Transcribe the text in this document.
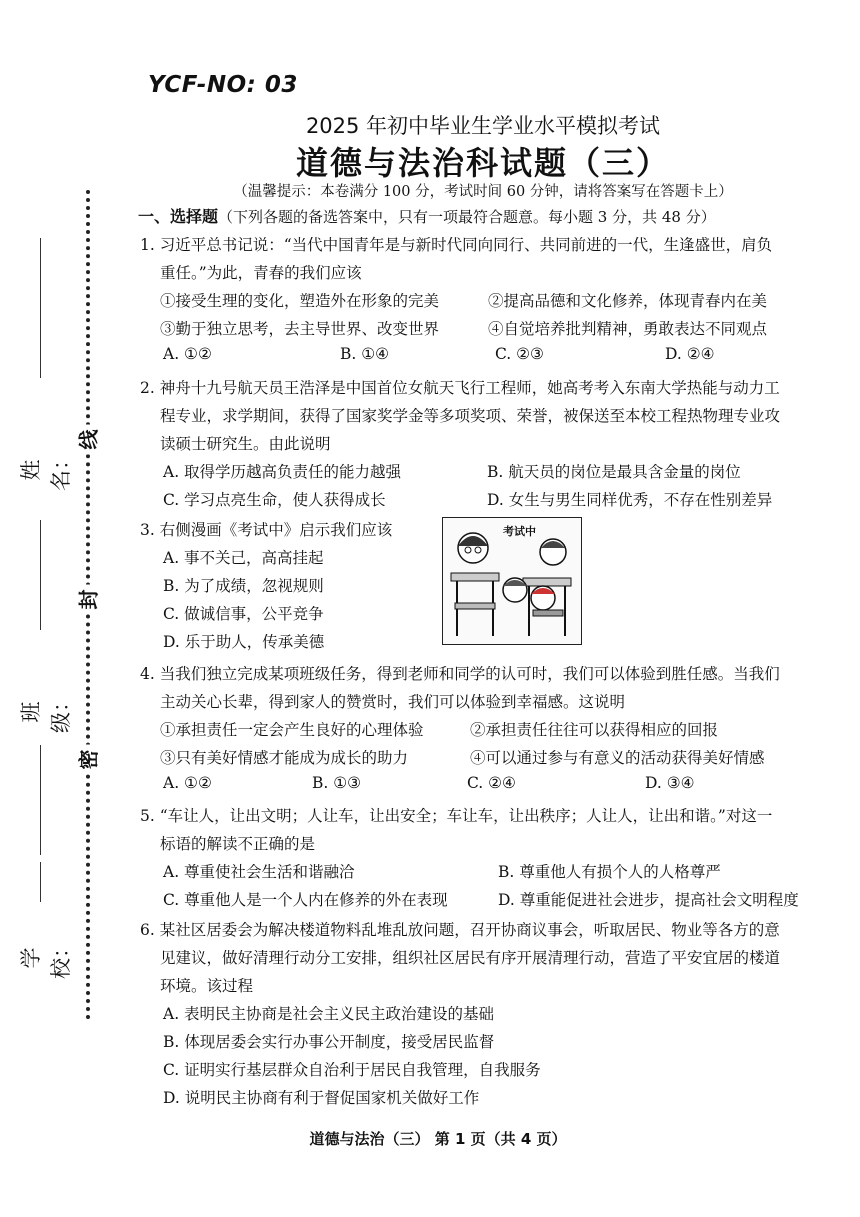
线
封
密
姓名：
班级：
学校：
YCF-NO: 03
2025 年初中毕业生学业水平模拟考试
道德与法治科试题（三）
（温馨提示：本卷满分 100 分，考试时间 60 分钟，请将答案写在答题卡上）
一、选择题（下列各题的备选答案中，只有一项最符合题意。每小题 3 分，共 48 分）
1. 习近平总书记说：“当代中国青年是与新时代同向同行、共同前进的一代，生逢盛世，肩负
重任。”为此，青春的我们应该
①接受生理的变化，塑造外在形象的完美	②提高品德和文化修养，体现青春内在美
③勤于独立思考，去主导世界、改变世界	④自觉培养批判精神，勇敢表达不同观点
A. ①②	B. ①④	C. ②③	D. ②④
2. 神舟十九号航天员王浩泽是中国首位女航天飞行工程师，她高考考入东南大学热能与动力工
程专业，求学期间，获得了国家奖学金等多项奖项、荣誉，被保送至本校工程热物理专业攻
读硕士研究生。由此说明
A. 取得学历越高负责任的能力越强	B. 航天员的岗位是最具含金量的岗位
C. 学习点亮生命，使人获得成长	D. 女生与男生同样优秀，不存在性别差异
3. 右侧漫画《考试中》启示我们应该
A. 事不关己，高高挂起
B. 为了成绩，忽视规则
C. 做诚信事，公平竞争
D. 乐于助人，传承美德
考试中
4. 当我们独立完成某项班级任务，得到老师和同学的认可时，我们可以体验到胜任感。当我们
主动关心长辈，得到家人的赞赏时，我们可以体验到幸福感。这说明
①承担责任一定会产生良好的心理体验	②承担责任往往可以获得相应的回报
③只有美好情感才能成为成长的助力	④可以通过参与有意义的活动获得美好情感
A. ①②	B. ①③	C. ②④	D. ③④
5. “车让人，让出文明；人让车，让出安全；车让车，让出秩序；人让人，让出和谐。”对这一
标语的解读不正确的是
A. 尊重使社会生活和谐融洽	B. 尊重他人有损个人的人格尊严
C. 尊重他人是一个人内在修养的外在表现	D. 尊重能促进社会进步，提高社会文明程度
6. 某社区居委会为解决楼道物料乱堆乱放问题，召开协商议事会，听取居民、物业等各方的意
见建议，做好清理行动分工安排，组织社区居民有序开展清理行动，营造了平安宜居的楼道
环境。该过程
A. 表明民主协商是社会主义民主政治建设的基础
B. 体现居委会实行办事公开制度，接受居民监督
C. 证明实行基层群众自治利于居民自我管理，自我服务
D. 说明民主协商有利于督促国家机关做好工作
道德与法治（三） 第 1 页（共 4 页）
